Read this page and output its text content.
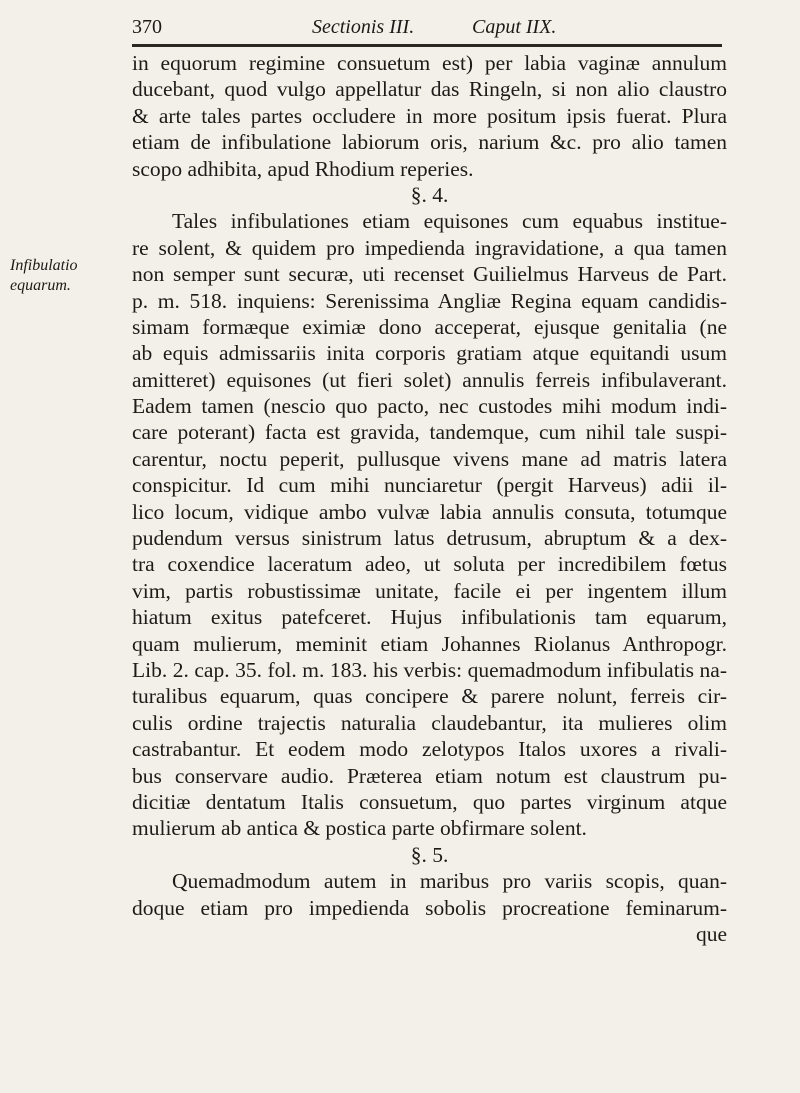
370	Sectionis III.	Caput IIX.
Infibulatio
equarum.
in equorum regimine consuetum est) per labia vaginæ annulum
ducebant, quod vulgo appellatur das Ringeln, si non alio claustro
& arte tales partes occludere in more positum ipsis fuerat. Plura
etiam de infibulatione labiorum oris, narium &c. pro alio tamen
scopo adhibita, apud Rhodium reperies.
§. 4.
Tales infibulationes etiam equisones cum equabus institue-
re solent, & quidem pro impedienda ingravidatione, a qua tamen
non semper sunt securæ, uti recenset Guilielmus Harveus de Part.
p. m. 518. inquiens: Serenissima Angliæ Regina equam candidis-
simam formæque eximiæ dono acceperat, ejusque genitalia (ne
ab equis admissariis inita corporis gratiam atque equitandi usum
amitteret) equisones (ut fieri solet) annulis ferreis infibulaverant.
Eadem tamen (nescio quo pacto, nec custodes mihi modum indi-
care poterant) facta est gravida, tandemque, cum nihil tale suspi-
carentur, noctu peperit, pullusque vivens mane ad matris latera
conspicitur. Id cum mihi nunciaretur (pergit Harveus) adii il-
lico locum, vidique ambo vulvæ labia annulis consuta, totumque
pudendum versus sinistrum latus detrusum, abruptum & a dex-
tra coxendice laceratum adeo, ut soluta per incredibilem fœtus
vim, partis robustissimæ unitate, facile ei per ingentem illum
hiatum exitus patefceret. Hujus infibulationis tam equarum,
quam mulierum, meminit etiam Johannes Riolanus Anthropogr.
Lib. 2. cap. 35. fol. m. 183. his verbis: quemadmodum infibulatis na-
turalibus equarum, quas concipere & parere nolunt, ferreis cir-
culis ordine trajectis naturalia claudebantur, ita mulieres olim
castrabantur. Et eodem modo zelotypos Italos uxores a rivali-
bus conservare audio. Præterea etiam notum est claustrum pu-
dicitiæ dentatum Italis consuetum, quo partes virginum atque
mulierum ab antica & postica parte obfirmare solent.
§. 5.
Quemadmodum autem in maribus pro variis scopis, quan-
doque etiam pro impedienda sobolis procreatione feminarum-
que
